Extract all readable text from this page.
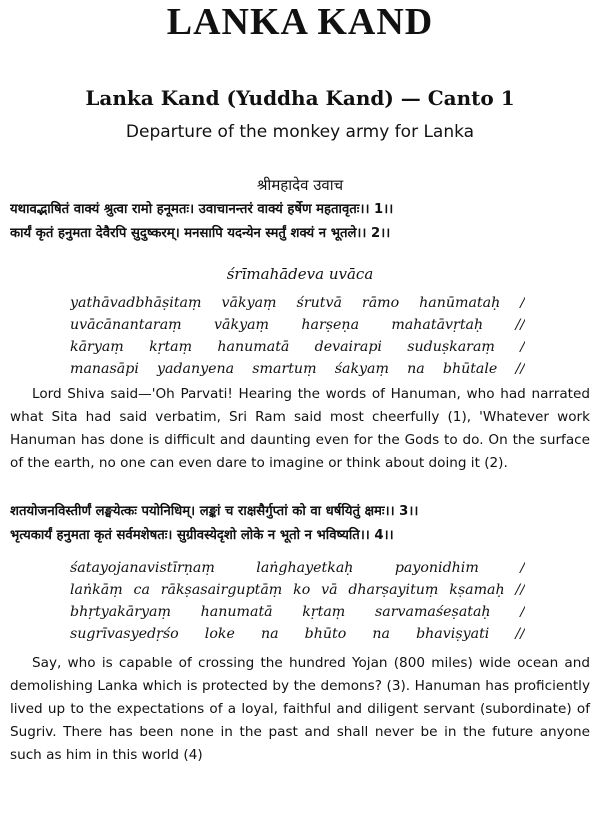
LANKA KAND
Lanka Kand (Yuddha Kand) — Canto 1

Departure of the monkey army for Lanka

श्रीमहादेव उवाच

यथावद्भाषितं वाक्यं श्रुत्वा रामो हनूमतः। उवाचानन्तरं वाक्यं हर्षेण महतावृतः।। 1।।
कार्यं कृतं हनुमता देवैरपि सुदुष्करम्। मनसापि यदन्येन स्मर्तुं शक्यं न भूतले।। 2।।

śrīmahādeva uvāca

yathāvadbhāṣitaṃ vākyaṃ śrutvā rāmo hanūmataḥ /
uvācānantaraṃ vākyaṃ harṣeṇa mahatāvṛtaḥ //
kāryaṃ kṛtaṃ hanumatā devairapi suduṣkaraṃ /
manasāpi yadanyena smartuṃ śakyaṃ na bhūtale //

Lord Shiva said—'Oh Parvati! Hearing the words of Hanuman, who had narrated what Sita had said verbatim, Sri Ram said most cheerfully (1), 'Whatever work Hanuman has done is difficult and daunting even for the Gods to do. On the surface of the earth, no one can even dare to imagine or think about doing it (2).

शतयोजनविस्तीर्णं लङ्घयेत्कः पयोनिधिम्। लङ्कां च राक्षसैर्गुप्तां को वा धर्षयितुं क्षमः।। 3।।
भृत्यकार्यं हनुमता कृतं सर्वमशेषतः। सुग्रीवस्येदृशो लोके न भूतो न भविष्यति।। 4।।
śatayojanavistīrṇaṃ laṅghayetkaḥ payonidhim /
laṅkāṃ ca rākṣasairguptāṃ ko vā dharṣayituṃ kṣamaḥ //
bhṛtyakāryaṃ hanumatā kṛtaṃ sarvamaśeṣataḥ /
sugrīvasyedṛśo loke na bhūto na bhaviṣyati //

Say, who is capable of crossing the hundred Yojan (800 miles) wide ocean and demolishing Lanka which is protected by the demons? (3). Hanuman has proficiently lived up to the expectations of a loyal, faithful and diligent servant (subordinate) of Sugriv. There has been none in the past and shall never be in the future anyone such as him in this world (4)
